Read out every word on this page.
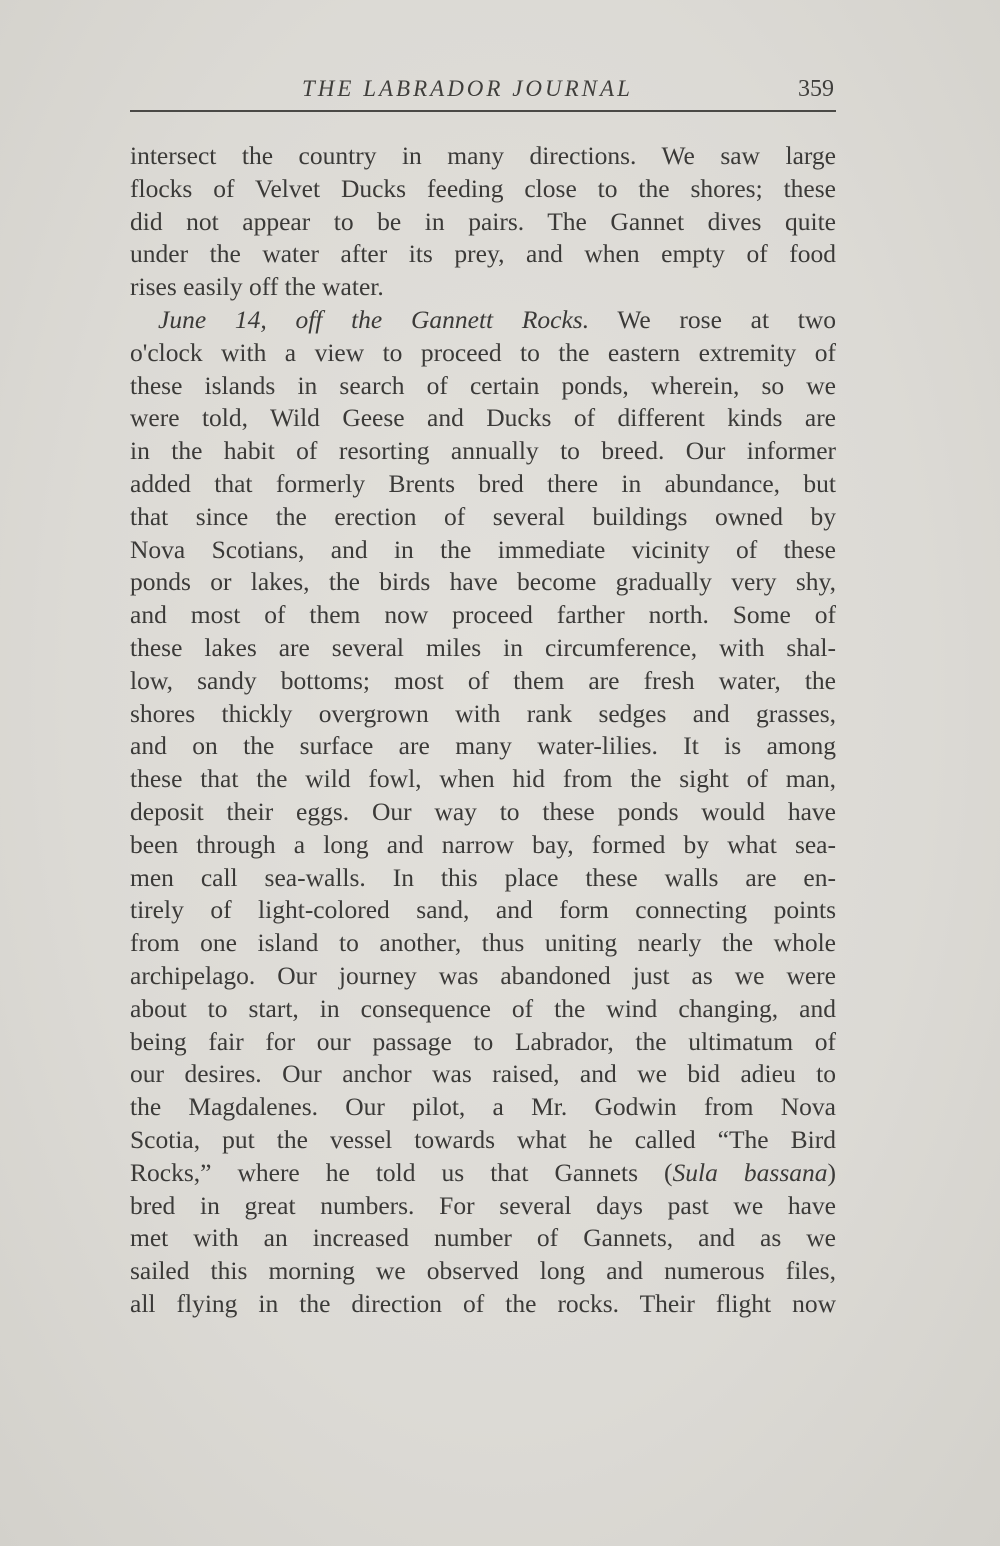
THE LABRADOR JOURNAL	359
intersect the country in many directions. We saw large
flocks of Velvet Ducks feeding close to the shores; these
did not appear to be in pairs. The Gannet dives quite
under the water after its prey, and when empty of food
rises easily off the water.
June 14, off the Gannett Rocks. We rose at two
o'clock with a view to proceed to the eastern extremity of
these islands in search of certain ponds, wherein, so we
were told, Wild Geese and Ducks of different kinds are
in the habit of resorting annually to breed. Our informer
added that formerly Brents bred there in abundance, but
that since the erection of several buildings owned by
Nova Scotians, and in the immediate vicinity of these
ponds or lakes, the birds have become gradually very shy,
and most of them now proceed farther north. Some of
these lakes are several miles in circumference, with shal-
low, sandy bottoms; most of them are fresh water, the
shores thickly overgrown with rank sedges and grasses,
and on the surface are many water-lilies. It is among
these that the wild fowl, when hid from the sight of man,
deposit their eggs. Our way to these ponds would have
been through a long and narrow bay, formed by what sea-
men call sea-walls. In this place these walls are en-
tirely of light-colored sand, and form connecting points
from one island to another, thus uniting nearly the whole
archipelago. Our journey was abandoned just as we were
about to start, in consequence of the wind changing, and
being fair for our passage to Labrador, the ultimatum of
our desires. Our anchor was raised, and we bid adieu to
the Magdalenes. Our pilot, a Mr. Godwin from Nova
Scotia, put the vessel towards what he called “The Bird
Rocks,” where he told us that Gannets (Sula bassana)
bred in great numbers. For several days past we have
met with an increased number of Gannets, and as we
sailed this morning we observed long and numerous files,
all flying in the direction of the rocks. Their flight now
